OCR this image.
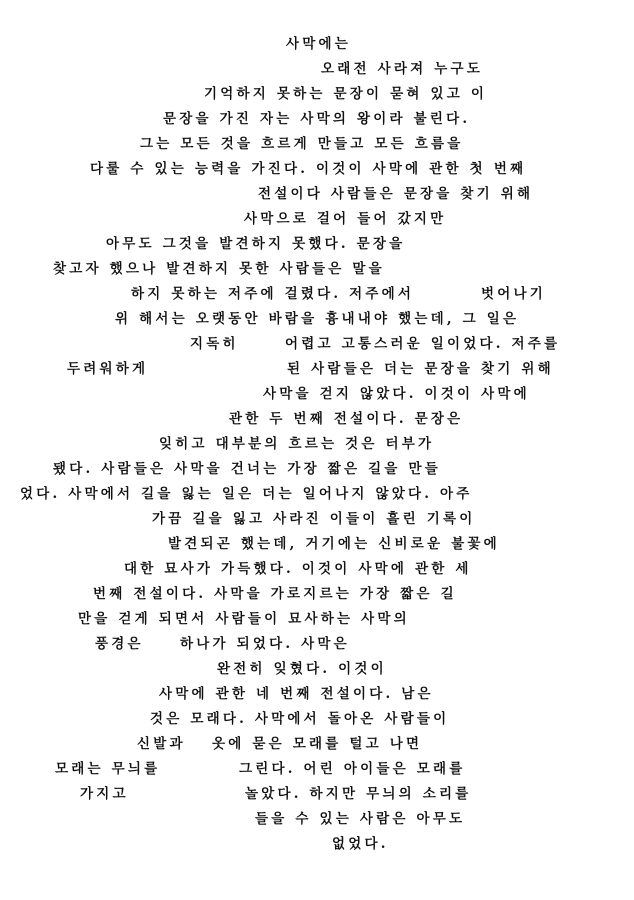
사막에는

오래전 사라져 누구도

기억하지 못하는 문장이 묻혀 있고 이

문장을 가진 자는 사막의 왕이라 불린다.

그는 모든 것을 흐르게 만들고 모든 흐름을

다룰 수 있는 능력을 가진다. 이것이 사막에 관한 첫 번째

전설이다 사람들은 문장을 찾기 위해

사막으로 걸어 들어 갔지만

아무도 그것을 발견하지 못했다. 문장을

찾고자 했으나 발견하지 못한 사람들은 말을

하지 못하는 저주에 걸렸다. 저주에서	벗어나기

위 해서는 오랫동안 바람을 흉내내야 했는데, 그 일은

지독히	어렵고 고통스러운 일이었다. 저주를

두려워하게	된 사람들은 더는 문장을 찾기 위해

사막을 걷지 않았다. 이것이 사막에

관한 두 번째 전설이다. 문장은

잊히고 대부분의 흐르는 것은 터부가

됐다. 사람들은 사막을 건너는 가장 짧은 길을 만들

었다. 사막에서 길을 잃는 일은 더는 일어나지 않았다. 아주

가끔 길을 잃고 사라진 이들이 흘린 기록이

발견되곤 했는데, 거기에는 신비로운 불꽃에

대한 묘사가 가득했다. 이것이 사막에 관한 세

번째 전설이다. 사막을 가로지르는 가장 짧은 길

만을 걷게 되면서 사람들이 묘사하는 사막의

풍경은	하나가 되었다. 사막은

완전히 잊혔다. 이것이

사막에 관한 네 번째 전설이다. 남은

것은 모래다. 사막에서 돌아온 사람들이

신발과 옷에 묻은 모래를 털고 나면

모래는 무늬를	그린다. 어린 아이들은 모래를

가지고	놀았다. 하지만 무늬의 소리를

들을 수 있는 사람은 아무도

없었다.
